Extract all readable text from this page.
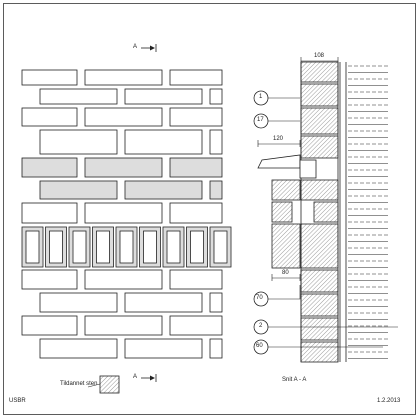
A
A
Tildannet sten
108
120
80
1
17
70
2
60
Snit A - A
USBR	1.2.2013
